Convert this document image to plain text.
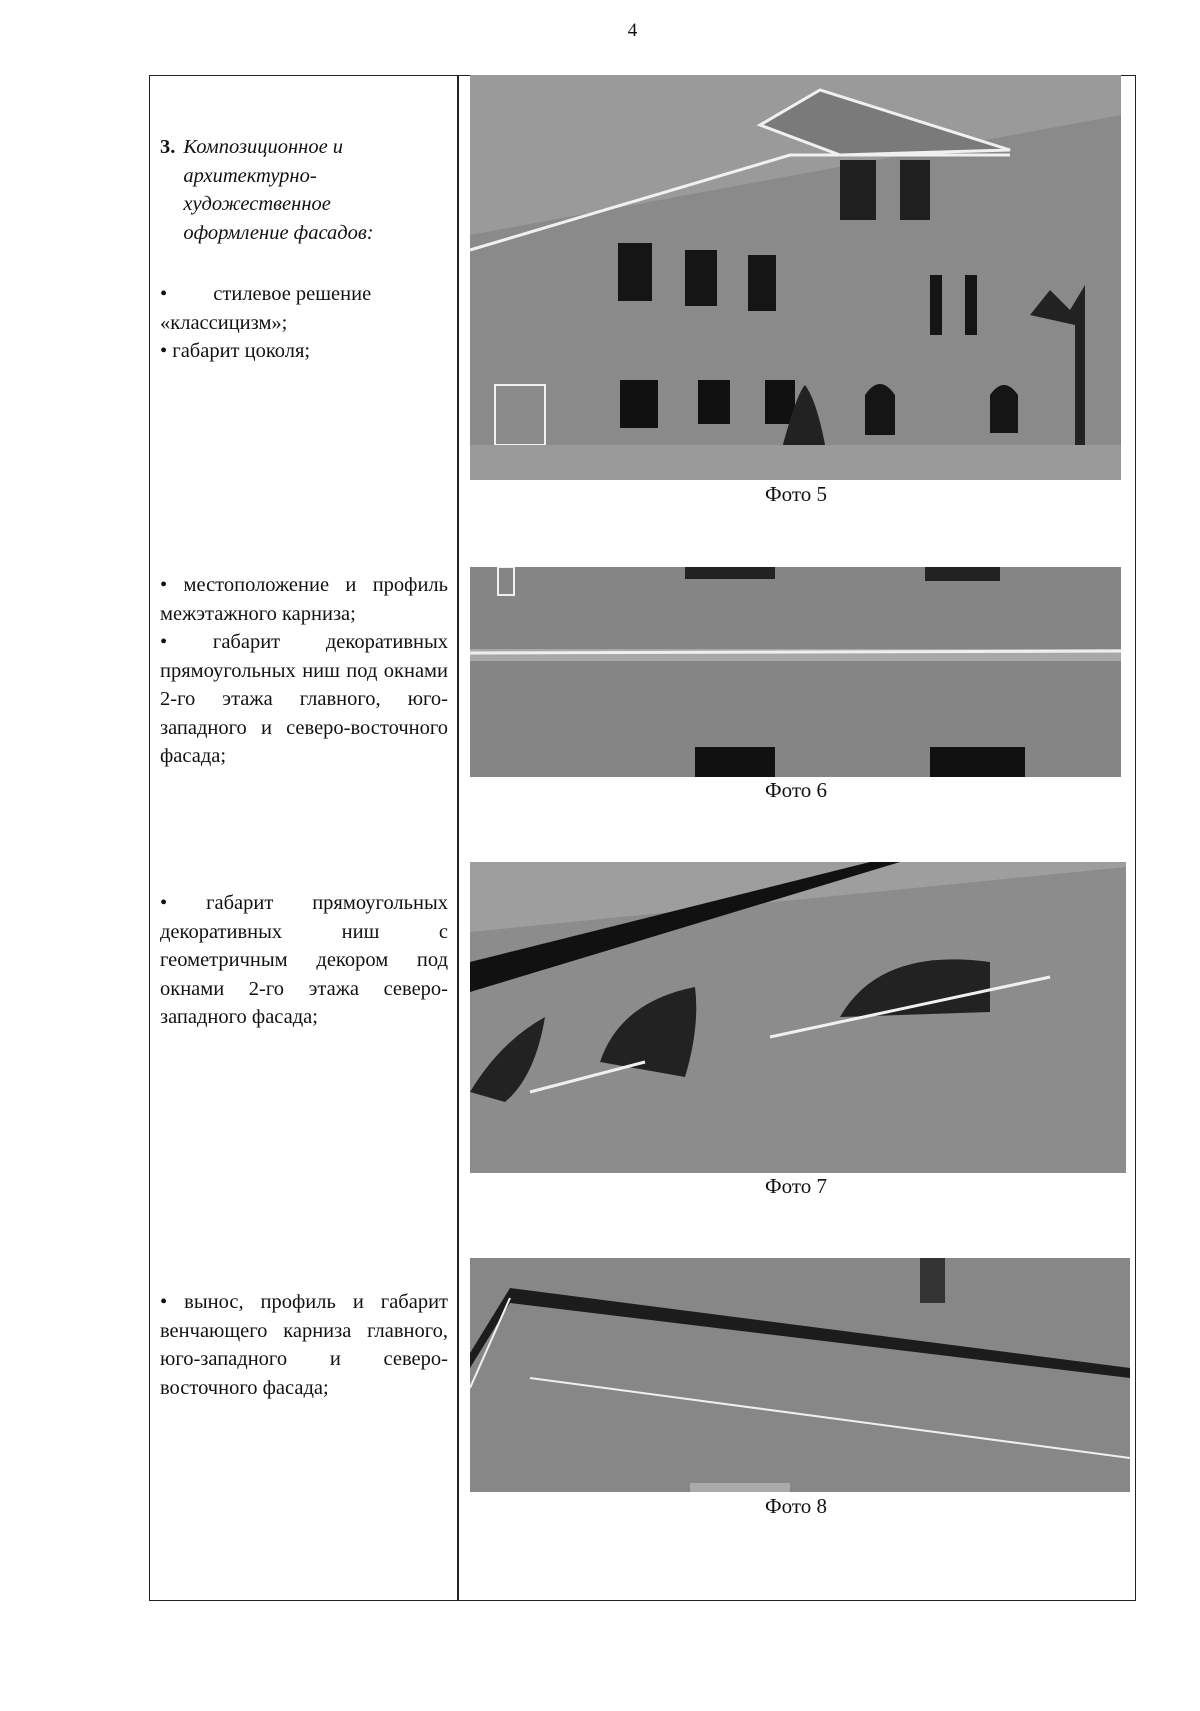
4
3. Композиционное и
архитектурно-
художественное
оформление фасадов:
•         стилевое решение «классицизм»;
• габарит цоколя;
• местоположение и профиль межэтажного карниза;
• габарит декоративных прямоугольных ниш под окнами 2-го этажа главного, юго-западного и северо-восточного фасада;
• габарит прямоугольных декоративных ниш с геометричным декором под окнами 2-го этажа северо-западного фасада;
• вынос, профиль и габарит венчающего карниза главного, юго-западного и северо-восточного фасада;
Фото 5
Фото 6
Фото 7
Фото 8
